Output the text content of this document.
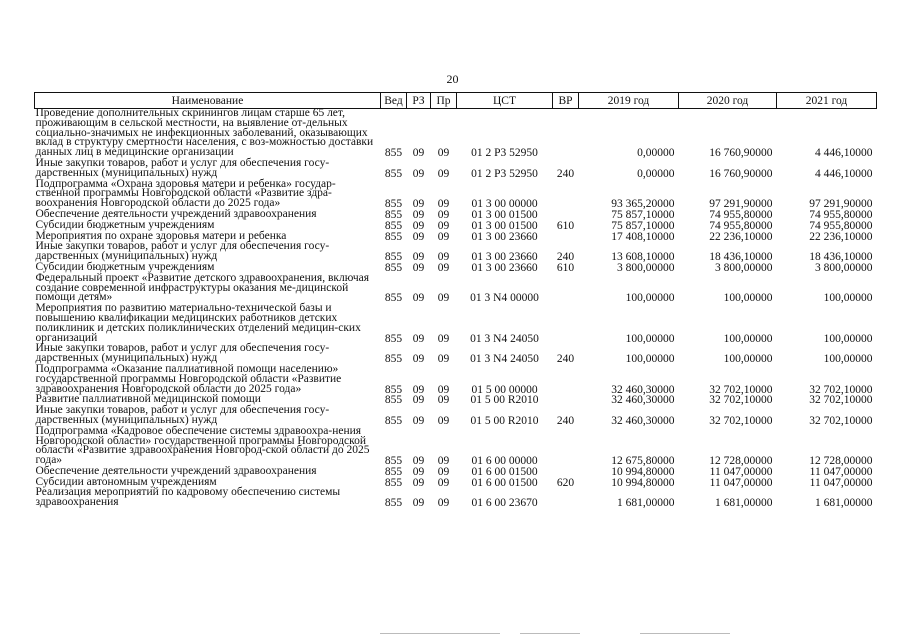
20
Наименование	Вед	РЗ	Пр	ЦСТ	ВР	2019 год	2020 год	2021 год
Проведение дополнительных скринингов лицам старше 65 лет, проживающим в сельской местности, на выявление от-дельных социально-значимых не инфекционных заболеваний, оказывающих вклад в структуру смертности населения, с воз-можностью доставки данных лиц в медицинские организации	855	09	09	01 2 P3 52950		0,00000	16 760,90000	4 446,10000
Иные закупки товаров, работ и услуг для обеспечения госу-дарственных (муниципальных) нужд	855	09	09	01 2 P3 52950	240	0,00000	16 760,90000	4 446,10000
Подпрограмма «Охрана здоровья матери и ребенка» государ-ственной программы Новгородской области «Развитие здра-воохранения Новгородской области до 2025 года»	855	09	09	01 3 00 00000		93 365,20000	97 291,90000	97 291,90000
Обеспечение деятельности учреждений здравоохранения	855	09	09	01 3 00 01500		75 857,10000	74 955,80000	74 955,80000
Субсидии бюджетным учреждениям	855	09	09	01 3 00 01500	610	75 857,10000	74 955,80000	74 955,80000
Мероприятия по охране здоровья матери и ребенка	855	09	09	01 3 00 23660		17 408,10000	22 236,10000	22 236,10000
Иные закупки товаров, работ и услуг для обеспечения госу-дарственных (муниципальных) нужд	855	09	09	01 3 00 23660	240	13 608,10000	18 436,10000	18 436,10000
Субсидии бюджетным учреждениям	855	09	09	01 3 00 23660	610	3 800,00000	3 800,00000	3 800,00000
Федеральный проект «Развитие детского здравоохранения, включая создание современной инфраструктуры оказания ме-дицинской помощи детям»	855	09	09	01 3 N4 00000		100,00000	100,00000	100,00000
Мероприятия по развитию материально-технической базы и повышению квалификации медицинских работников детских поликлиник и детских поликлинических отделений медицин-ских организаций	855	09	09	01 3 N4 24050		100,00000	100,00000	100,00000
Иные закупки товаров, работ и услуг для обеспечения госу-дарственных (муниципальных) нужд	855	09	09	01 3 N4 24050	240	100,00000	100,00000	100,00000
Подпрограмма «Оказание паллиативной помощи населению» государственной программы Новгородской области «Развитие здравоохранения Новгородской области до 2025 года»	855	09	09	01 5 00 00000		32 460,30000	32 702,10000	32 702,10000
Развитие паллиативной медицинской помощи	855	09	09	01 5 00 R2010		32 460,30000	32 702,10000	32 702,10000
Иные закупки товаров, работ и услуг для обеспечения госу-дарственных (муниципальных) нужд	855	09	09	01 5 00 R2010	240	32 460,30000	32 702,10000	32 702,10000
Подпрограмма «Кадровое обеспечение системы здравоохра-нения Новгородской области» государственной программы Новгородской области «Развитие здравоохранения Новгород-ской области до 2025 года»	855	09	09	01 6 00 00000		12 675,80000	12 728,00000	12 728,00000
Обеспечение деятельности учреждений здравоохранения	855	09	09	01 6 00 01500		10 994,80000	11 047,00000	11 047,00000
Субсидии автономным учреждениям	855	09	09	01 6 00 01500	620	10 994,80000	11 047,00000	11 047,00000
Реализация мероприятий по кадровому обеспечению системы здравоохранения	855	09	09	01 6 00 23670		1 681,00000	1 681,00000	1 681,00000
